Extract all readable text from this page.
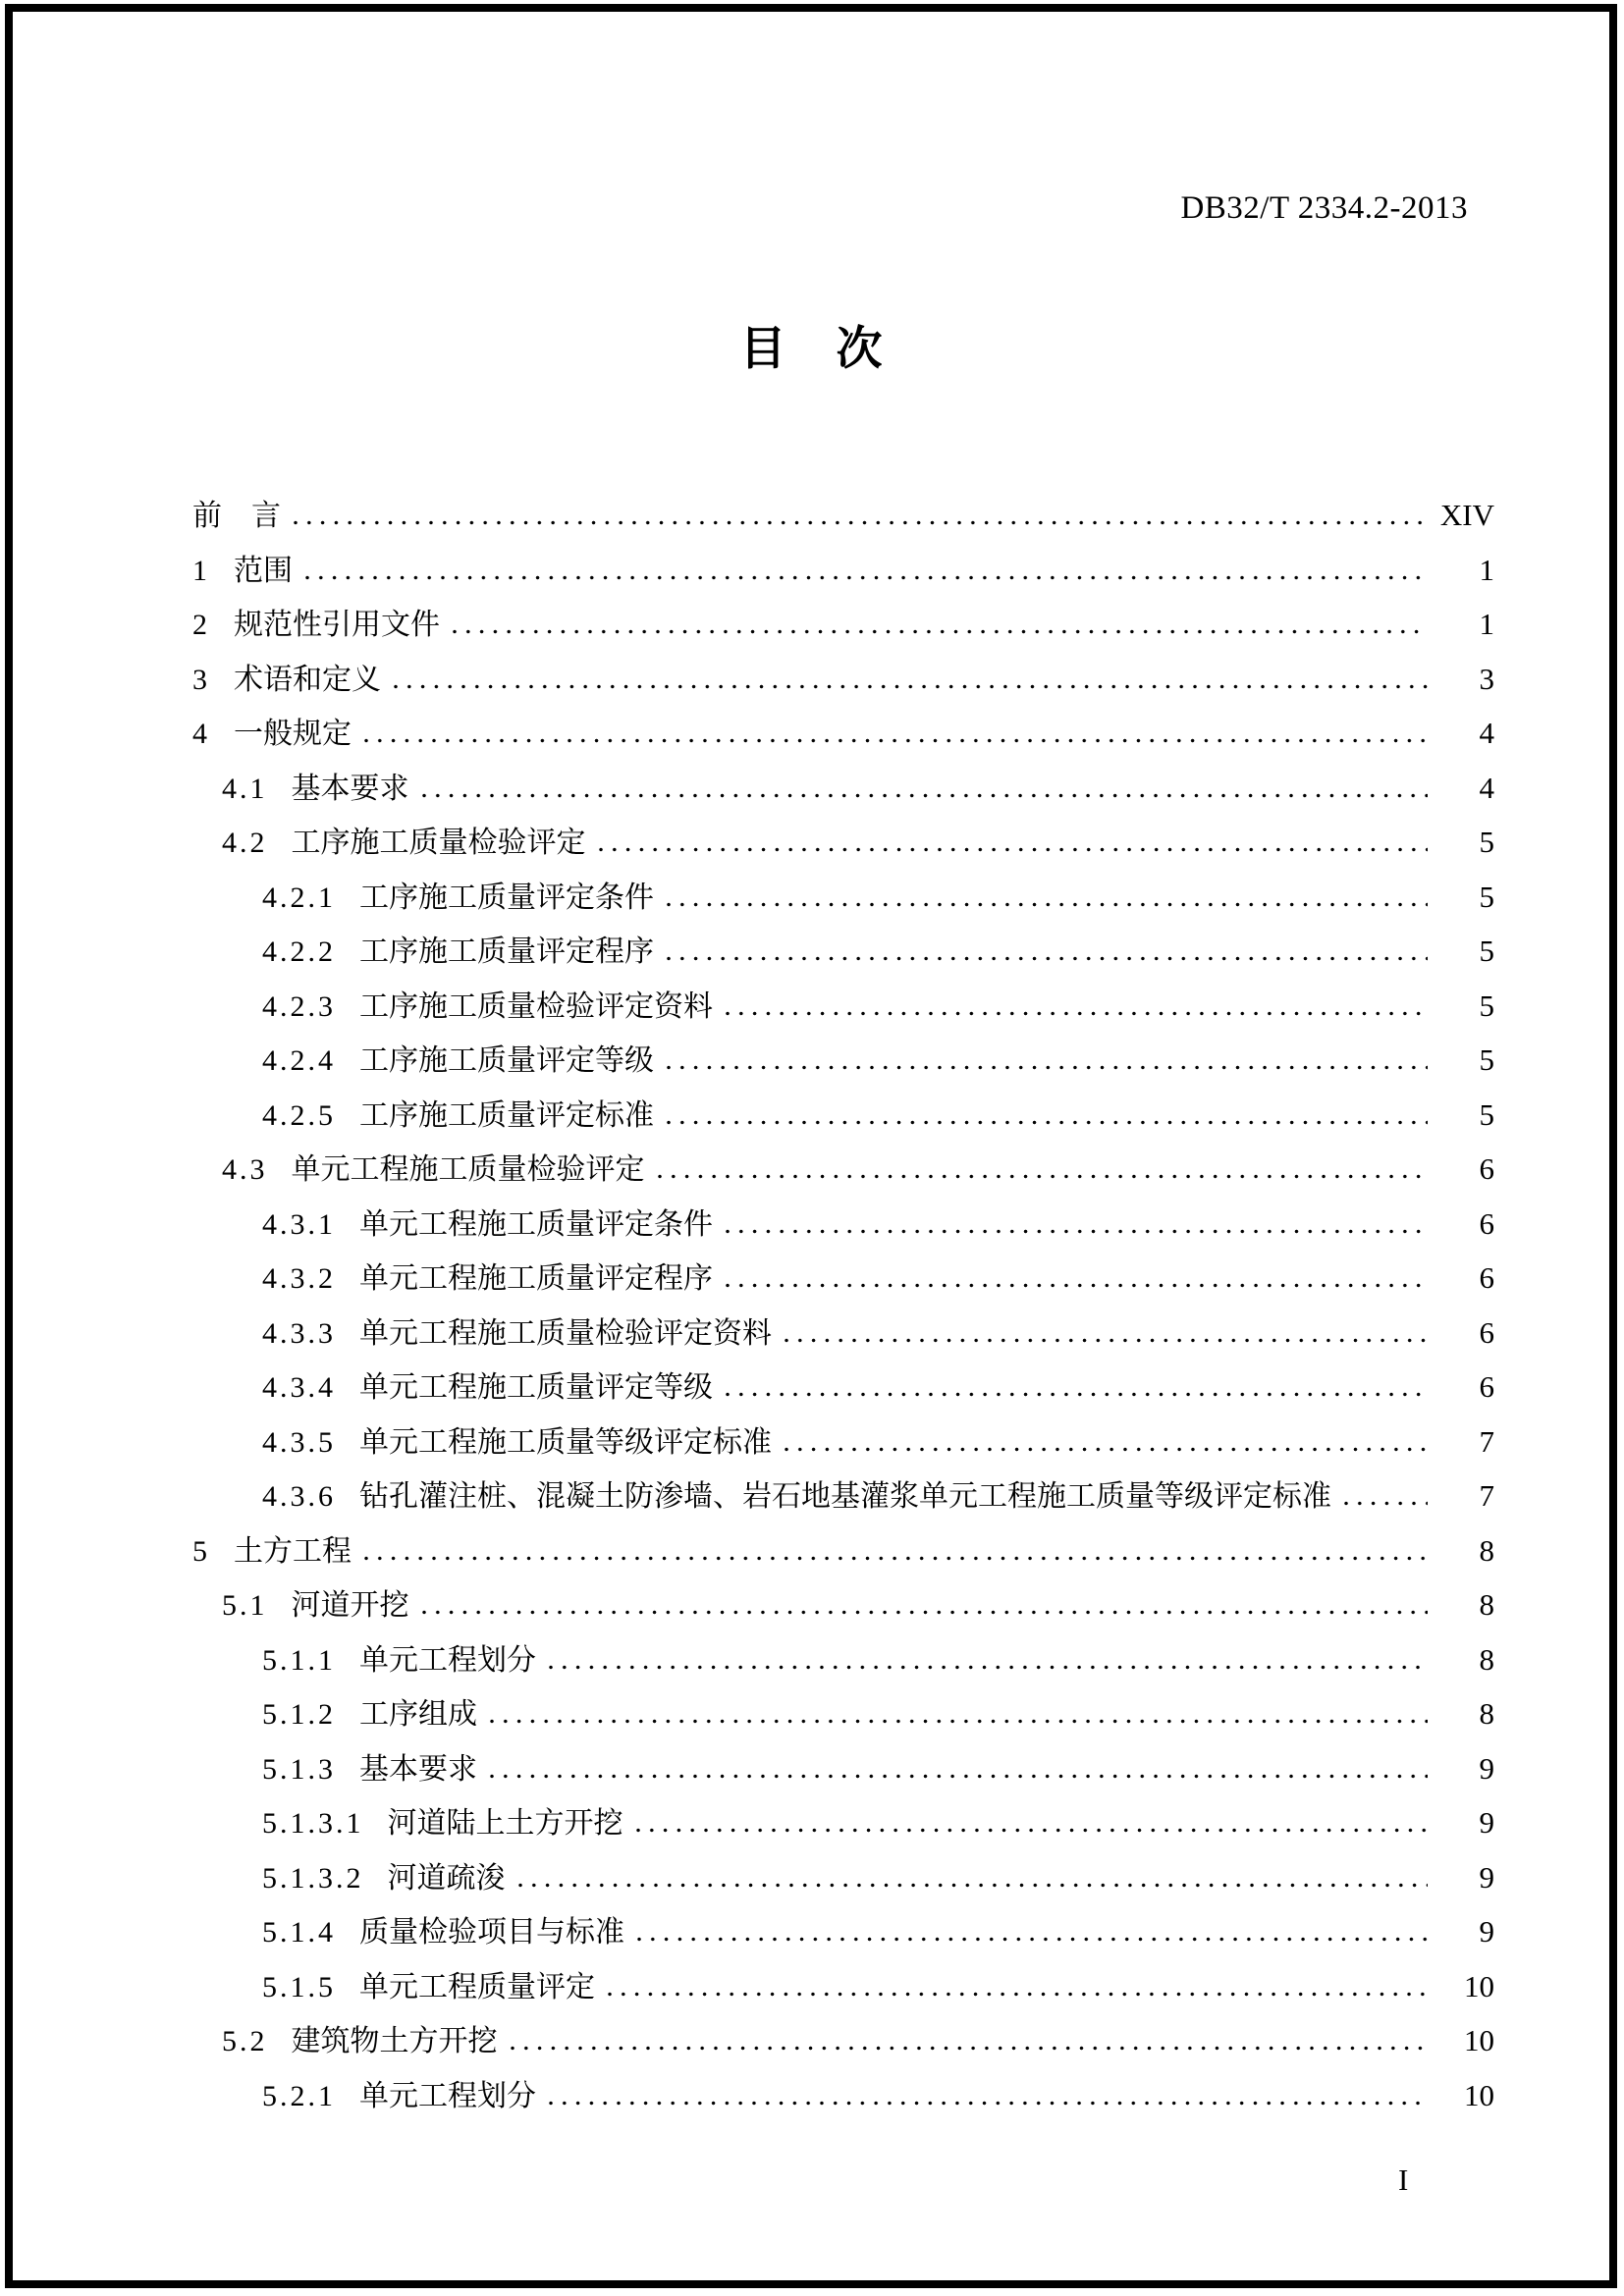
DB32/T 2334.2-2013
目　次
前　言	XIV
1 范围	1
2 规范性引用文件	1
3 术语和定义	3
4 一般规定	4
4.1 基本要求	4
4.2 工序施工质量检验评定	5
4.2.1 工序施工质量评定条件	5
4.2.2 工序施工质量评定程序	5
4.2.3 工序施工质量检验评定资料	5
4.2.4 工序施工质量评定等级	5
4.2.5 工序施工质量评定标准	5
4.3 单元工程施工质量检验评定	6
4.3.1 单元工程施工质量评定条件	6
4.3.2 单元工程施工质量评定程序	6
4.3.3 单元工程施工质量检验评定资料	6
4.3.4 单元工程施工质量评定等级	6
4.3.5 单元工程施工质量等级评定标准	7
4.3.6 钻孔灌注桩、混凝土防渗墙、岩石地基灌浆单元工程施工质量等级评定标准	7
5 土方工程	8
5.1 河道开挖	8
5.1.1 单元工程划分	8
5.1.2 工序组成	8
5.1.3 基本要求	9
5.1.3.1 河道陆上土方开挖	9
5.1.3.2 河道疏浚	9
5.1.4 质量检验项目与标准	9
5.1.5 单元工程质量评定	10
5.2 建筑物土方开挖	10
5.2.1 单元工程划分	10
I
